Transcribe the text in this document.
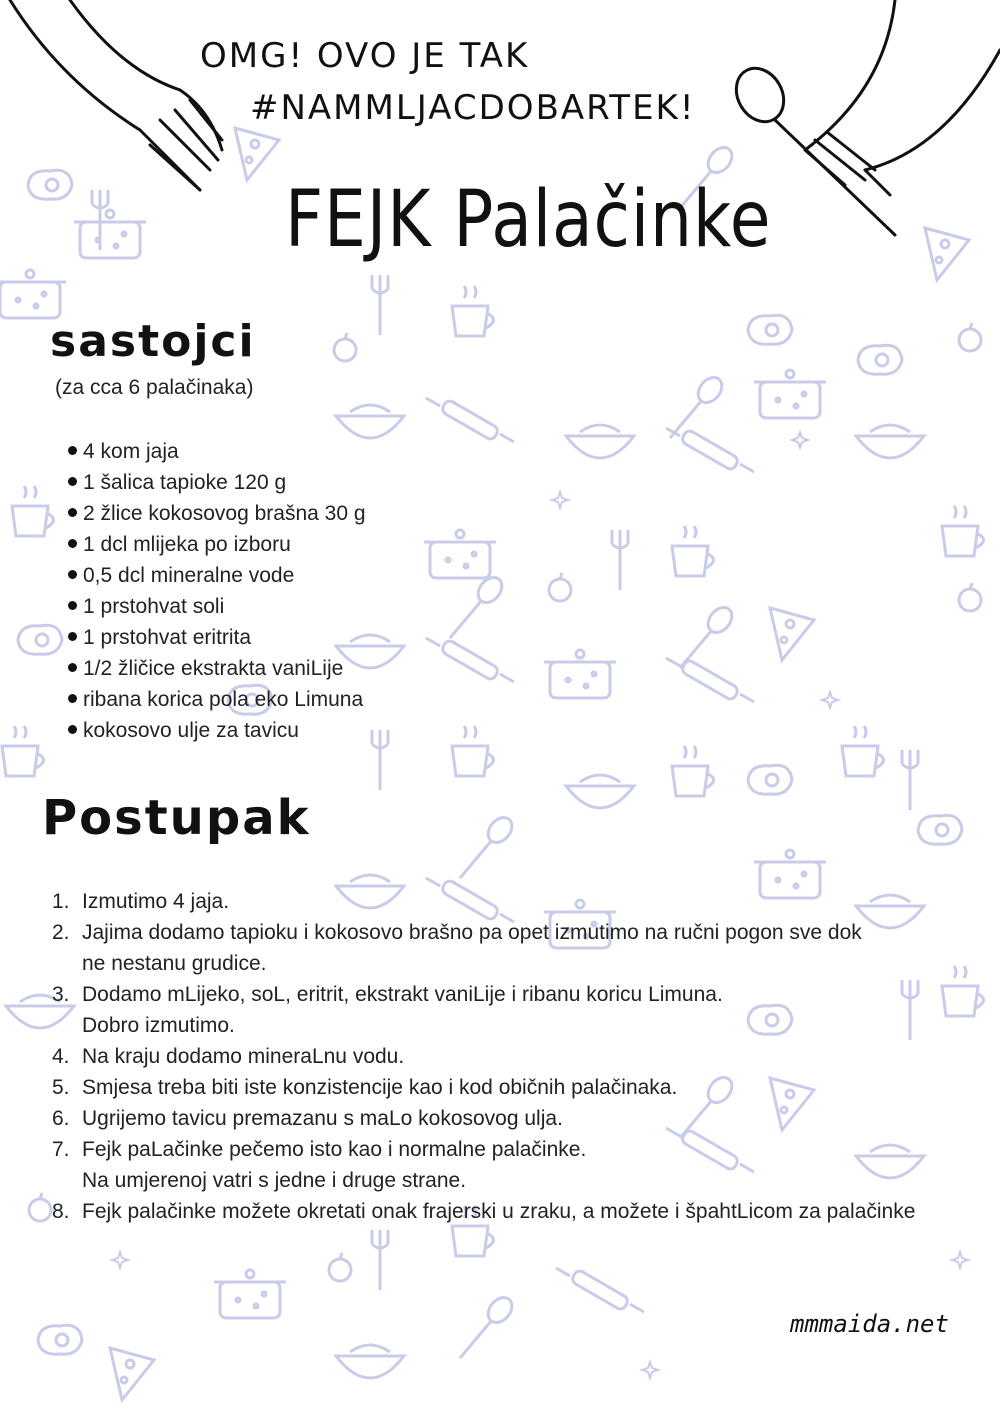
OMG! OVO JE TAK
#NAMMLJACDOBARTEK!
FEJK Palačinke
sastojci
(za cca 6 palačinaka)
4 kom jaja
1 šalica tapioke 120 g
2 žlice kokosovog brašna 30 g
1 dcl mlijeka po izboru
0,5 dcl mineralne vode
1 prstohvat soli
1 prstohvat eritrita
1/2 žličice ekstrakta vaniLije
ribana korica pola eko Limuna
kokosovo ulje za tavicu
Postupak
1. Izmutimo 4 jaja.
2. Jajima dodamo tapioku i kokosovo brašno pa opet izmutimo na ručni pogon sve dok
ne nestanu grudice.
3. Dodamo mLijeko, soL, eritrit, ekstrakt vaniLije i ribanu koricu Limuna.
Dobro izmutimo.
4. Na kraju dodamo mineraLnu vodu.
5. Smjesa treba biti iste konzistencije kao i kod običnih palačinaka.
6. Ugrijemo tavicu premazanu s maLo kokosovog ulja.
7. Fejk paLačinke pečemo isto kao i normalne palačinke.
Na umjerenoj vatri s jedne i druge strane.
8. Fejk palačinke možete okretati onak frajerski u zraku, a možete i špahtLicom za palačinke
mmmaida.net
